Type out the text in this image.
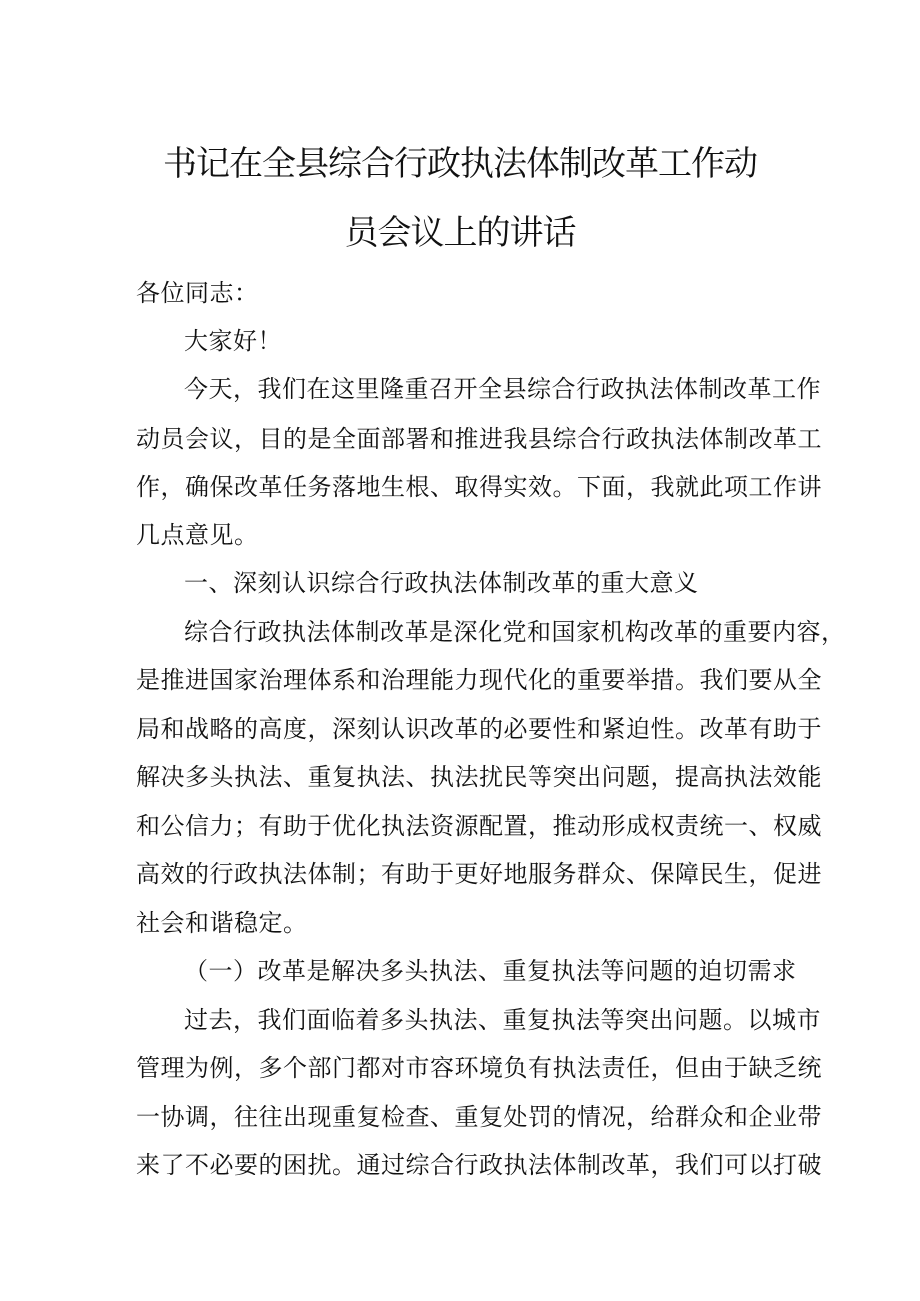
书记在全县综合行政执法体制改革工作动
员会议上的讲话
各位同志：
大家好！
今天，我们在这里隆重召开全县综合行政执法体制改革工作
动员会议，目的是全面部署和推进我县综合行政执法体制改革工
作，确保改革任务落地生根、取得实效。下面，我就此项工作讲
几点意见。
一、深刻认识综合行政执法体制改革的重大意义
综合行政执法体制改革是深化党和国家机构改革的重要内容，
是推进国家治理体系和治理能力现代化的重要举措。我们要从全
局和战略的高度，深刻认识改革的必要性和紧迫性。改革有助于
解决多头执法、重复执法、执法扰民等突出问题，提高执法效能
和公信力；有助于优化执法资源配置，推动形成权责统一、权威
高效的行政执法体制；有助于更好地服务群众、保障民生，促进
社会和谐稳定。
（一）改革是解决多头执法、重复执法等问题的迫切需求
过去，我们面临着多头执法、重复执法等突出问题。以城市
管理为例，多个部门都对市容环境负有执法责任，但由于缺乏统
一协调，往往出现重复检查、重复处罚的情况，给群众和企业带
来了不必要的困扰。通过综合行政执法体制改革，我们可以打破
